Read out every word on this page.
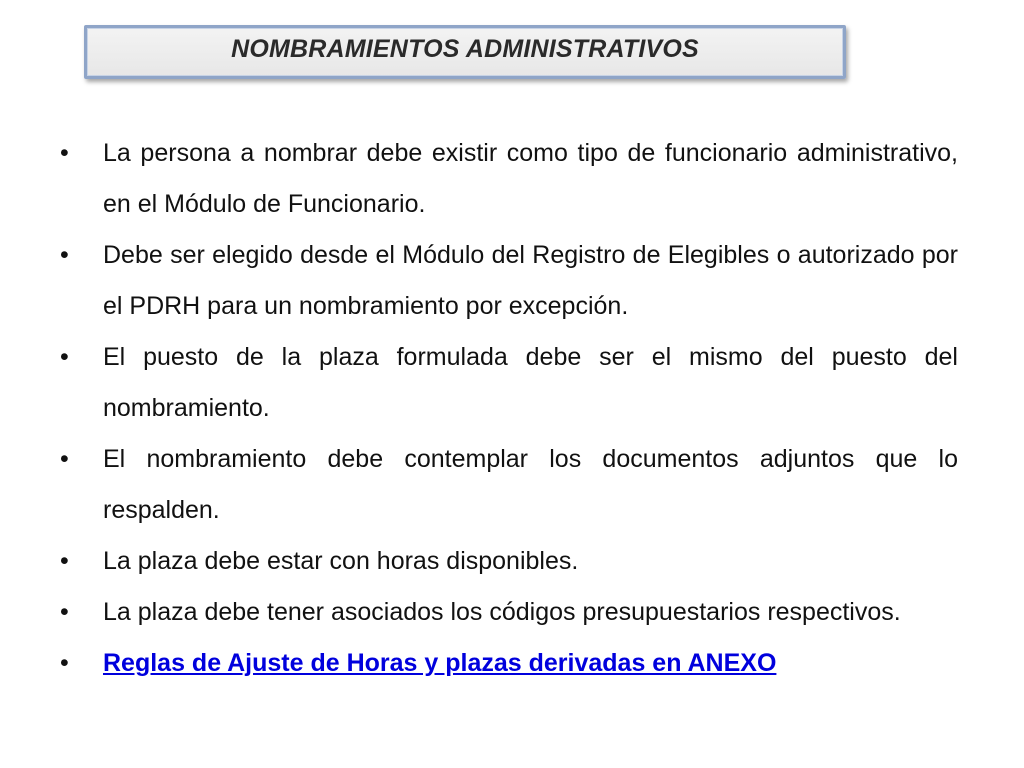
NOMBRAMIENTOS ADMINISTRATIVOS
•	La persona a nombrar debe existir como tipo de funcionario administrativo, en el Módulo de Funcionario.
•	Debe ser elegido desde el Módulo del Registro de Elegibles o autorizado por el PDRH para un nombramiento por excepción.
•	El puesto de la plaza formulada debe ser el mismo del puesto del nombramiento.
•	El nombramiento debe contemplar los documentos adjuntos que lo respalden.
•	La plaza debe estar con horas disponibles.
•	La plaza debe tener asociados los códigos presupuestarios respectivos.
•	Reglas de Ajuste de Horas y plazas derivadas en ANEXO
